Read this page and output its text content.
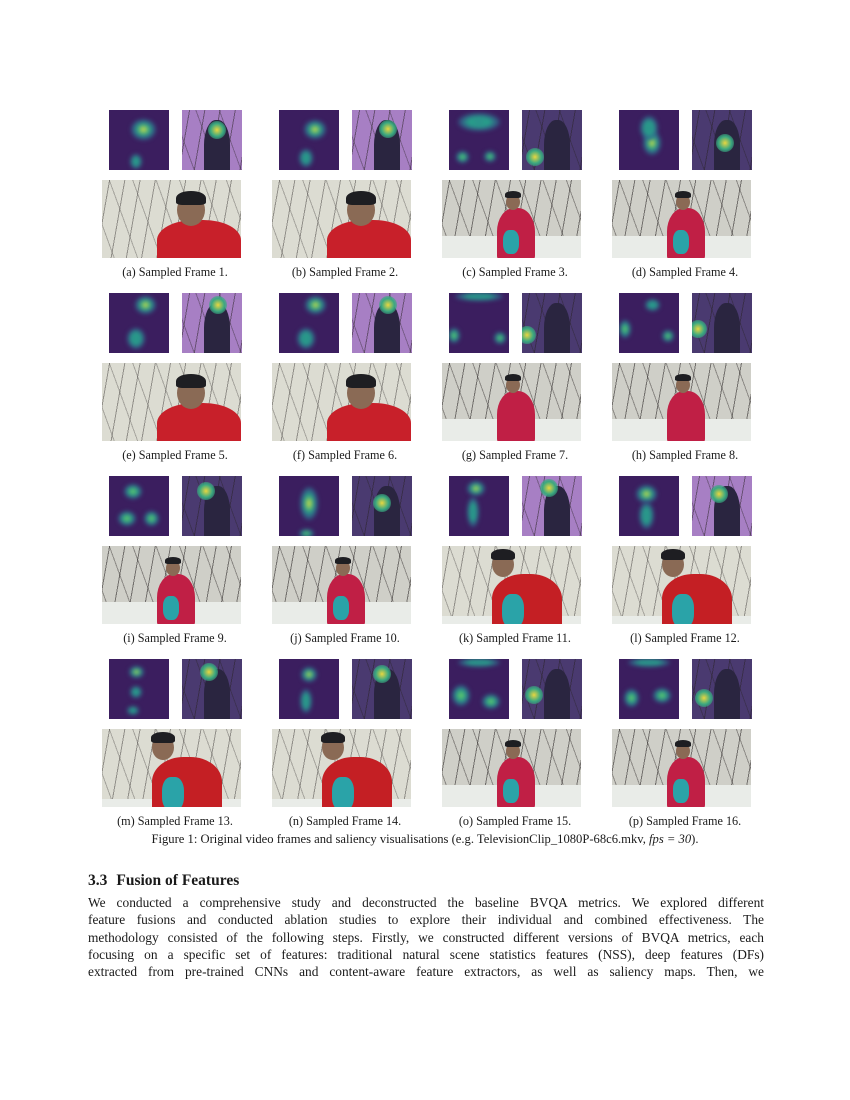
(a) Sampled Frame 1.	(b) Sampled Frame 2.	(c) Sampled Frame 3.	(d) Sampled Frame 4.
(e) Sampled Frame 5.	(f) Sampled Frame 6.	(g) Sampled Frame 7.	(h) Sampled Frame 8.
(i) Sampled Frame 9.	(j) Sampled Frame 10.	(k) Sampled Frame 11.	(l) Sampled Frame 12.
(m) Sampled Frame 13.	(n) Sampled Frame 14.	(o) Sampled Frame 15.	(p) Sampled Frame 16.
Figure 1: Original video frames and saliency visualisations (e.g. TelevisionClip_1080P-68c6.mkv, fps = 30).
3.3 Fusion of Features
We conducted a comprehensive study and deconstructed the baseline BVQA metrics. We explored different
feature fusions and conducted ablation studies to explore their individual and combined effectiveness. The
methodology consisted of the following steps. Firstly, we constructed different versions of BVQA metrics, each
focusing on a specific set of features: traditional natural scene statistics features (NSS), deep features (DFs)
extracted from pre-trained CNNs and content-aware feature extractors, as well as saliency maps. Then, we
